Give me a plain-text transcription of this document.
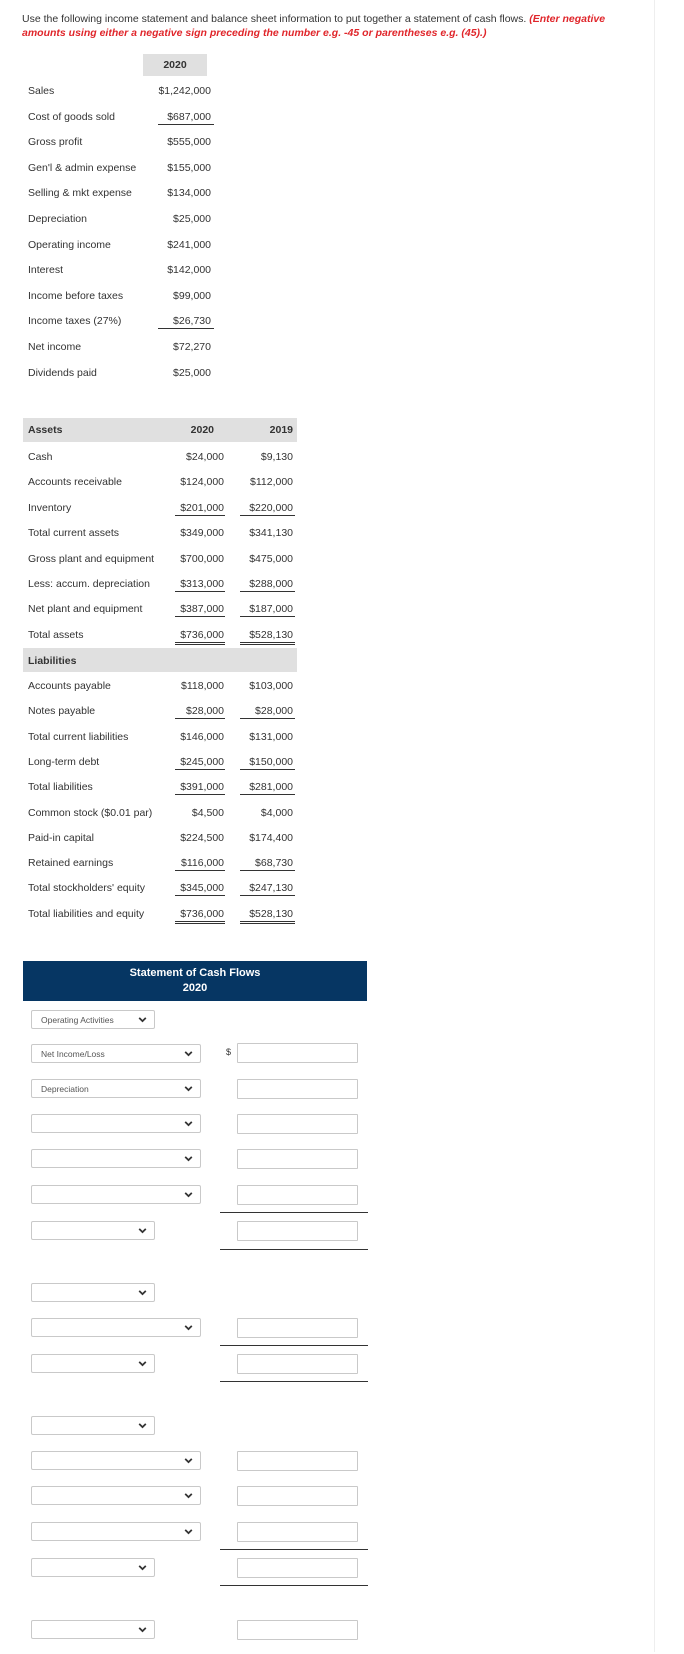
Use the following income statement and balance sheet information to put together a statement of cash flows. (Enter negative amounts using either a negative sign preceding the number e.g. -45 or parentheses e.g. (45).)
2020
Sales	$1,242,000
Cost of goods sold	$687,000
Gross profit	$555,000
Gen'l & admin expense	$155,000
Selling & mkt expense	$134,000
Depreciation	$25,000
Operating income	$241,000
Interest	$142,000
Income before taxes	$99,000
Income taxes (27%)	$26,730
Net income	$72,270
Dividends paid	$25,000
Assets	2020	2019
Cash	$24,000	$9,130
Accounts receivable	$124,000	$112,000
Inventory	$201,000	$220,000
Total current assets	$349,000	$341,130
Gross plant and equipment	$700,000	$475,000
Less: accum. depreciation	$313,000	$288,000
Net plant and equipment	$387,000	$187,000
Total assets	$736,000	$528,130
Liabilities
Accounts payable	$118,000	$103,000
Notes payable	$28,000	$28,000
Total current liabilities	$146,000	$131,000
Long-term debt	$245,000	$150,000
Total liabilities	$391,000	$281,000
Common stock ($0.01 par)	$4,500	$4,000
Paid-in capital	$224,500	$174,400
Retained earnings	$116,000	$68,730
Total stockholders' equity	$345,000	$247,130
Total liabilities and equity	$736,000	$528,130
Statement of Cash Flows
2020
Operating Activities
Net Income/Loss	$
Depreciation
